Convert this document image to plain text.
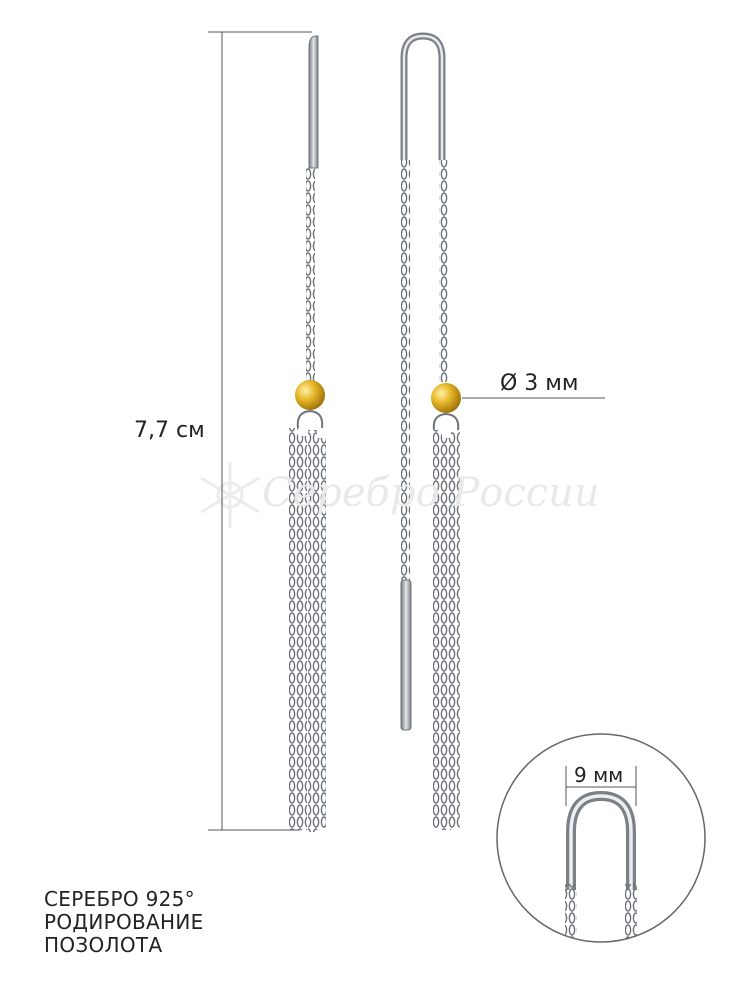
Серебро России
7,7 см
Ø 3 мм
9 мм
СЕРЕБРО 925°
РОДИРОВАНИЕ
ПОЗОЛОТА
